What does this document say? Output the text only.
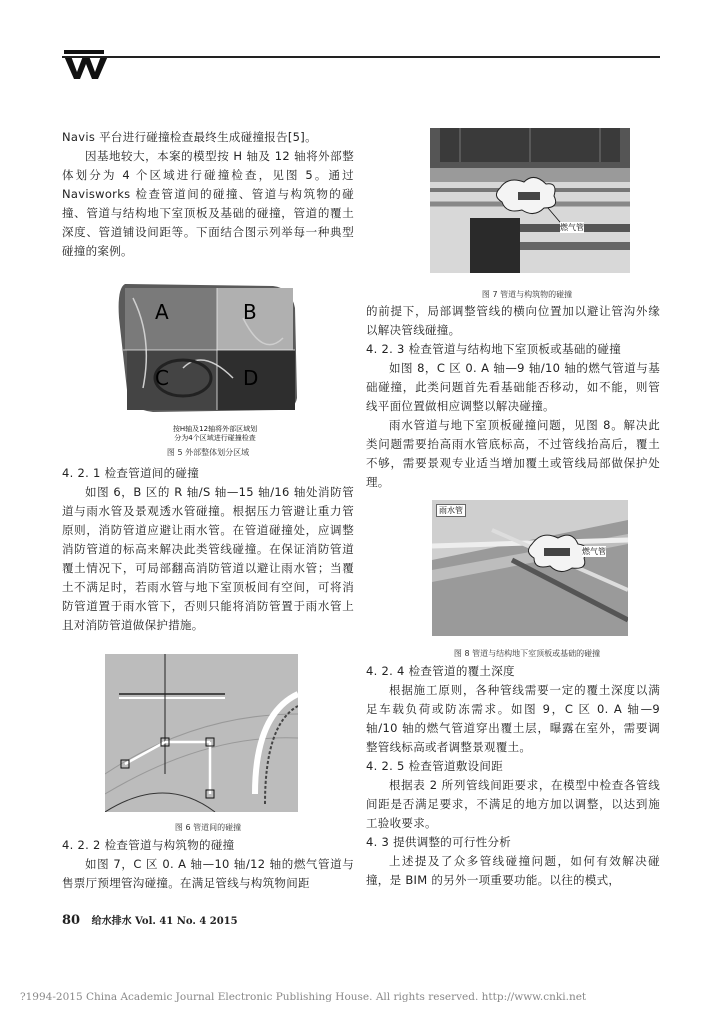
Navis 平台进行碰撞检查最终生成碰撞报告[5]。

因基地较大，本案的模型按 H 轴及 12 轴将外部整体划分为 4 个区域进行碰撞检查，见图 5。通过 Navisworks 检查管道间的碰撞、管道与构筑物的碰撞、管道与结构地下室顶板及基础的碰撞，管道的覆土深度、管道铺设间距等。下面结合图示列举每一种典型碰撞的案例。

A	B
C	D
按H轴及12轴将外部区域划
分为4个区域进行碰撞检查
图 5 外部整体划分区域

4. 2. 1 检查管道间的碰撞

如图 6，B 区的 R 轴/S 轴—15 轴/16 轴处消防管道与雨水管及景观透水管碰撞。根据压力管避让重力管原则，消防管道应避让雨水管。在管道碰撞处，应调整消防管道的标高来解决此类管线碰撞。在保证消防管道覆土情况下，可局部翻高消防管道以避让雨水管；当覆土不满足时，若雨水管与地下室顶板间有空间，可将消防管道置于雨水管下，否则只能将消防管置于雨水管上且对消防管道做保护措施。

图 6 管道间的碰撞

4. 2. 2 检查管道与构筑物的碰撞

如图 7，C 区 0. A 轴—10 轴/12 轴的燃气管道与售票厅预埋管沟碰撞。在满足管线与构筑物间距

燃气管
图 7 管道与构筑物的碰撞

的前提下，局部调整管线的横向位置加以避让管沟外缘以解决管线碰撞。

4. 2. 3 检查管道与结构地下室顶板或基础的碰撞

如图 8，C 区 0. A 轴—9 轴/10 轴的燃气管道与基础碰撞，此类问题首先看基础能否移动，如不能，则管线平面位置做相应调整以解决碰撞。

雨水管道与地下室顶板碰撞问题，见图 8。解决此类问题需要抬高雨水管底标高，不过管线抬高后，覆土不够，需要景观专业适当增加覆土或管线局部做保护处理。

雨水管
燃气管
图 8 管道与结构地下室顶板或基础的碰撞

4. 2. 4 检查管道的覆土深度

根据施工原则，各种管线需要一定的覆土深度以满足车载负荷或防冻需求。如图 9，C 区 0. A 轴—9 轴/10 轴的燃气管道穿出覆土层，曝露在室外，需要调整管线标高或者调整景观覆土。

4. 2. 5 检查管道敷设间距

根据表 2 所列管线间距要求，在模型中检查各管线间距是否满足要求，不满足的地方加以调整，以达到施工验收要求。

4. 3 提供调整的可行性分析

上述提及了众多管线碰撞问题，如何有效解决碰撞，是 BIM 的另外一项重要功能。以往的模式，

80 给水排水 Vol. 41 No. 4 2015
?1994-2015 China Academic Journal Electronic Publishing House. All rights reserved. http://www.cnki.net
